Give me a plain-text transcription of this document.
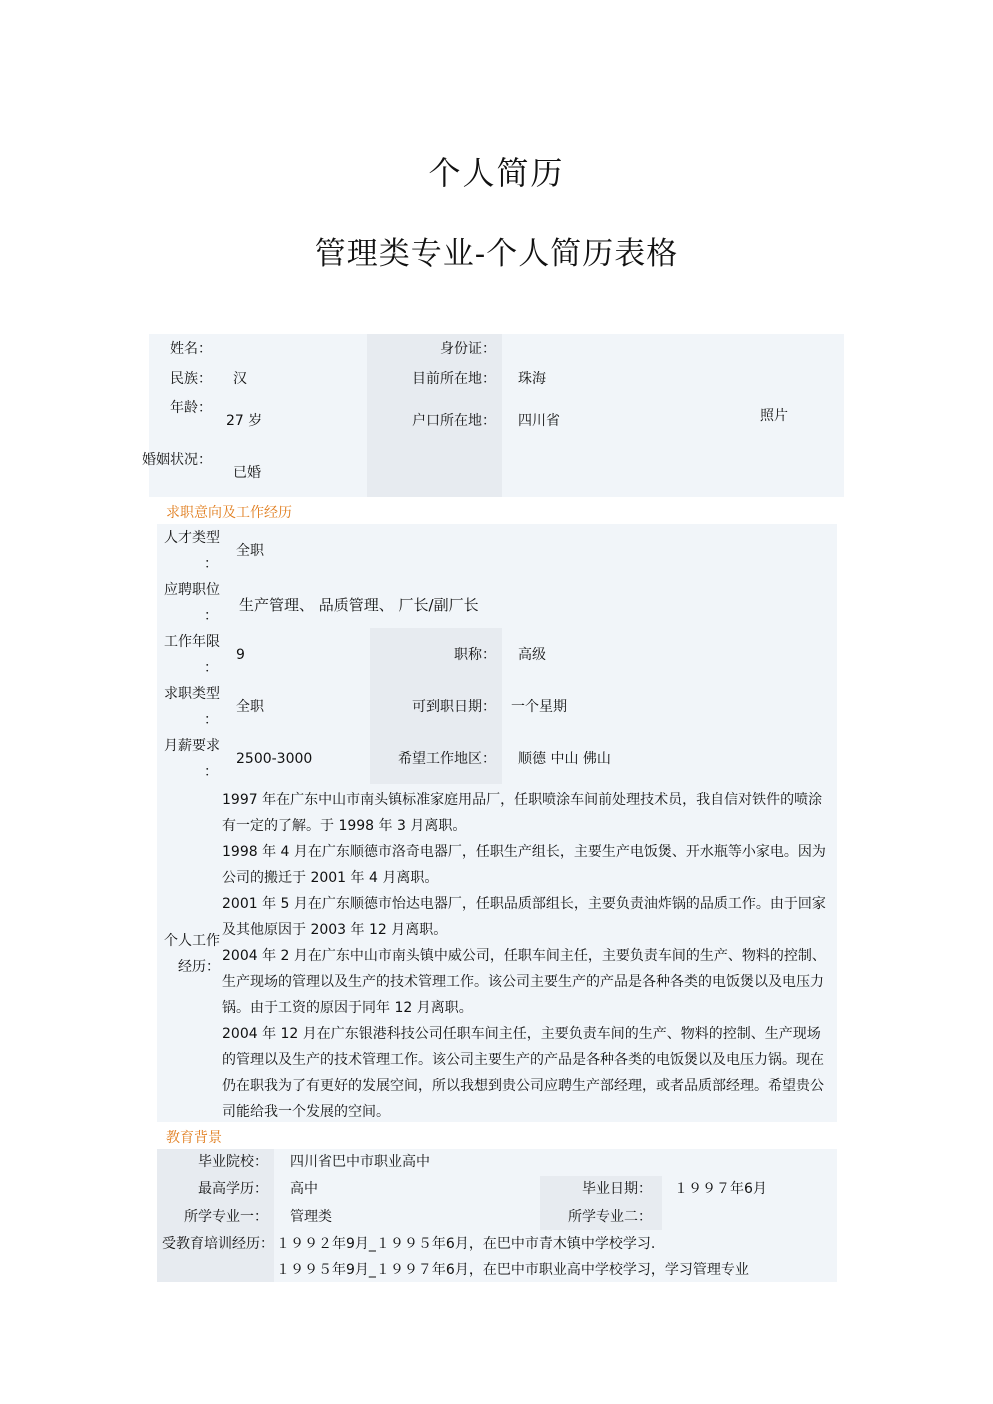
个人简历
管理类专业-个人简历表格
姓名：	身份证：
民族： 汉	目前所在地： 珠海
年龄：
27 岁	户口所在地： 四川省	照片
婚姻状况：
已婚
求职意向及工作经历
人才类型
：
全职
应聘职位
：
生产管理、 品质管理、 厂长/副厂长
工作年限
：
9	职称： 高级
求职类型
：
全职	可到职日期： 一个星期
月薪要求
：
2500-3000	希望工作地区： 顺德 中山 佛山
个人工作
经历：

1997 年在广东中山市南头镇标准家庭用品厂，任职喷涂车间前处理技术员，我自信对铁件的喷涂有一定的了解。于 1998 年 3 月离职。

1998 年 4 月在广东顺德市洛奇电器厂，任职生产组长，主要生产电饭煲、开水瓶等小家电。因为公司的搬迁于 2001 年 4 月离职。

2001 年 5 月在广东顺德市怡达电器厂，任职品质部组长，主要负责油炸锅的品质工作。由于回家及其他原因于 2003 年 12 月离职。

2004 年 2 月在广东中山市南头镇中威公司，任职车间主任，主要负责车间的生产、物料的控制、生产现场的管理以及生产的技术管理工作。该公司主要生产的产品是各种各类的电饭煲以及电压力锅。由于工资的原因于同年 12 月离职。

2004 年 12 月在广东银港科技公司任职车间主任，主要负责车间的生产、物料的控制、生产现场的管理以及生产的技术管理工作。该公司主要生产的产品是各种各类的电饭煲以及电压力锅。现在仍在职我为了有更好的发展空间，所以我想到贵公司应聘生产部经理，或者品质部经理。希望贵公司能给我一个发展的空间。

教育背景
毕业院校： 四川省巴中市职业高中
最高学历： 高中	毕业日期： １９９７年6月
所学专业一： 管理类	所学专业二：
受教育培训经历： １９９２年9月_１９９５年6月，在巴中市青木镇中学校学习.
１９９５年9月_１９９７年6月，在巴中市职业高中学校学习，学习管理专业
